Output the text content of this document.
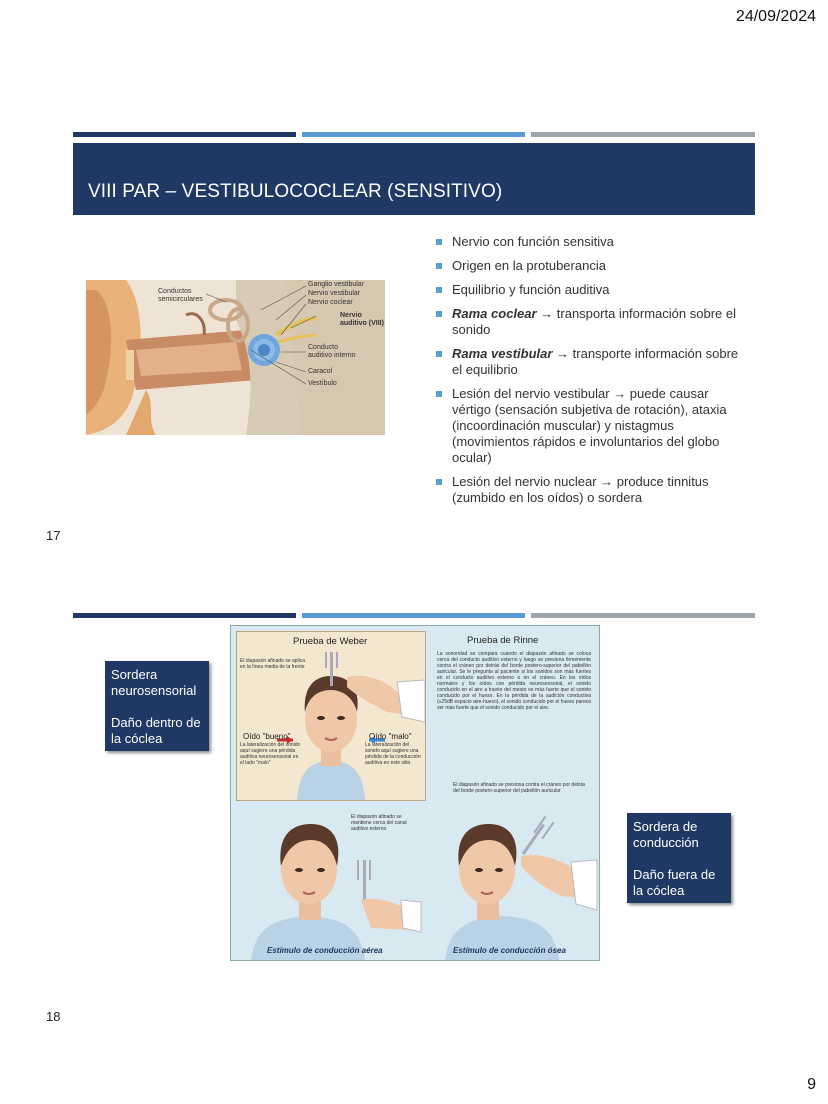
24/09/2024
VIII PAR – VESTIBULOCOCLEAR (SENSITIVO)
Conductos semicirculares
Ganglio vestibular
Nervio vestibular
Nervio coclear
Nervio auditivo (VIII)
Conducto auditivo interno
Caracol
Vestíbulo
Nervio con función sensitiva
Origen en la protuberancia
Equilibrio y función auditiva
Rama coclear → transporta información sobre el sonido
Rama vestibular → transporte información sobre el equilibrio
Lesión del nervio vestibular → puede causar vértigo (sensación subjetiva de rotación), ataxia (incoordinación muscular) y nistagmus (movimientos rápidos e involuntarios del globo ocular)
Lesión del nervio nuclear → produce tinnitus (zumbido en los oídos) o sordera
17

Sordera neurosensorial

Daño dentro de la cóclea

Sordera de conducción

Daño fuera de la cóclea

Prueba de Weber
El diapasón afinado se aplica en la línea media de la frente
Oído "bueno"
La lateralización del sonido aquí sugiere una pérdida auditiva neurosensorial en el lado "malo"
Oído "malo"
La lateralización del sonido aquí sugiere una pérdida de la conducción auditiva en este sitio
Prueba de Rinne
La sonoridad se compara cuando el diapasón afinado se coloca cerca del conducto auditivo externo y luego se presiona firmemente contra el cráneo por detrás del borde postero-superior del pabellón auricular. Se le pregunta al paciente si los sonidos son más fuertes en el conducto auditivo externo o en el cráneo. En los oídos normales y los oídos con pérdida neurosensorial, el sonido conducido en el aire a través del meato es más fuerte que el sonido conducido por el hueso. En la pérdida de la audición conductiva (≥25dB espacio aire-hueso), el sonido conducido por el hueso parece ser más fuerte que el sonido conducido por el aire.
El diapasón afinado se presiona contra el cráneo por detrás del borde postero-superior del pabellón auricular
El diapasón afinado se mantiene cerca del canal auditivo externo
Estímulo de conducción aérea	Estímulo de conducción ósea
18
9
